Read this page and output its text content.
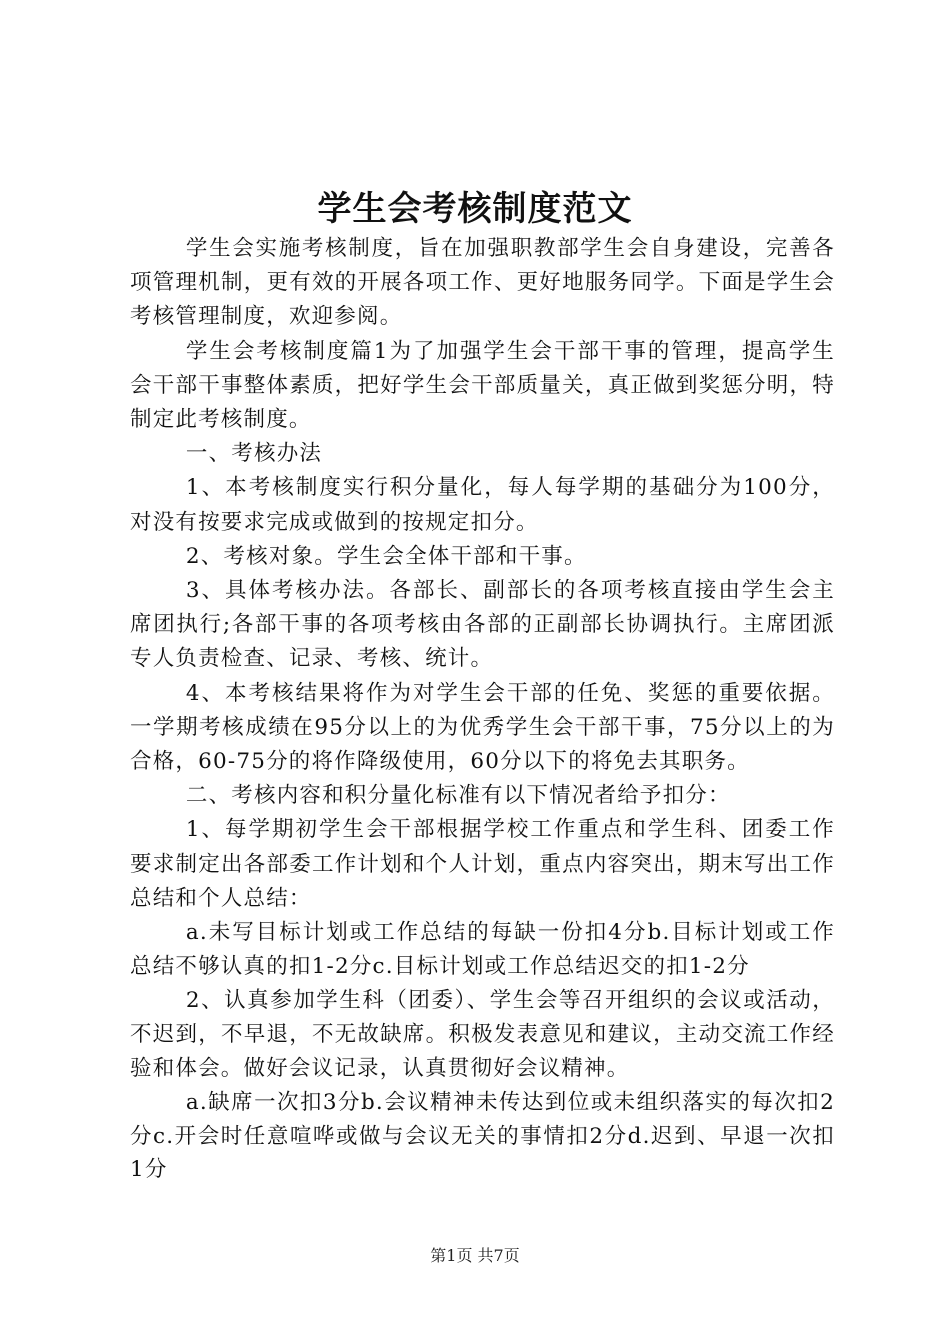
学生会考核制度范文

学生会实施考核制度，旨在加强职教部学生会自身建设，完善各项管理机制，更有效的开展各项工作、更好地服务同学。下面是学生会考核管理制度，欢迎参阅。

学生会考核制度篇1为了加强学生会干部干事的管理，提高学生会干部干事整体素质，把好学生会干部质量关，真正做到奖惩分明，特制定此考核制度。

一、考核办法

1、本考核制度实行积分量化，每人每学期的基础分为100分，对没有按要求完成或做到的按规定扣分。

2、考核对象。学生会全体干部和干事。

3、具体考核办法。各部长、副部长的各项考核直接由学生会主席团执行;各部干事的各项考核由各部的正副部长协调执行。主席团派专人负责检查、记录、考核、统计。

4、本考核结果将作为对学生会干部的任免、奖惩的重要依据。一学期考核成绩在95分以上的为优秀学生会干部干事，75分以上的为合格，60-75分的将作降级使用，60分以下的将免去其职务。

二、考核内容和积分量化标准有以下情况者给予扣分：

1、每学期初学生会干部根据学校工作重点和学生科、团委工作要求制定出各部委工作计划和个人计划，重点内容突出，期末写出工作总结和个人总结：

a.未写目标计划或工作总结的每缺一份扣4分b.目标计划或工作总结不够认真的扣1-2分c.目标计划或工作总结迟交的扣1-2分

2、认真参加学生科（团委）、学生会等召开组织的会议或活动，不迟到，不早退，不无故缺席。积极发表意见和建议，主动交流工作经验和体会。做好会议记录，认真贯彻好会议精神。

a.缺席一次扣3分b.会议精神未传达到位或未组织落实的每次扣2分c.开会时任意喧哗或做与会议无关的事情扣2分d.迟到、早退一次扣1分

第1页 共7页
